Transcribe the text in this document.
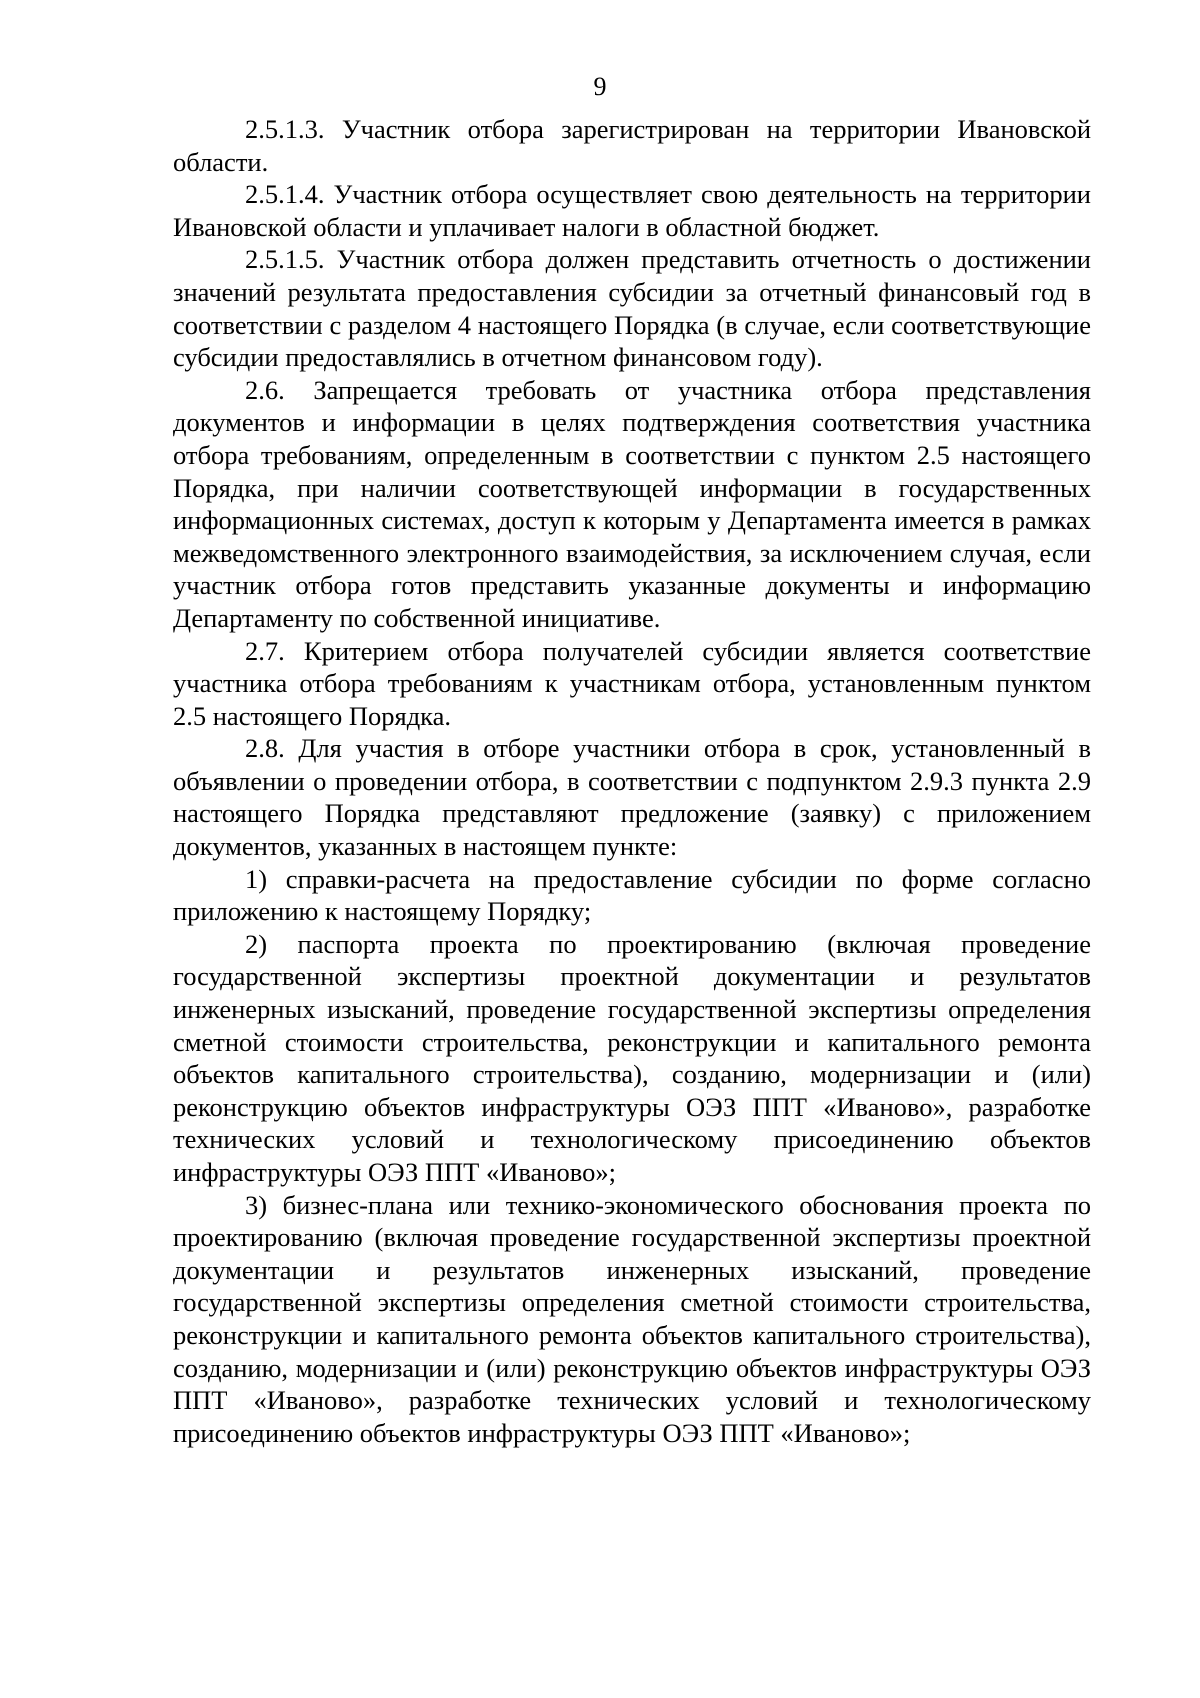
9

2.5.1.3. Участник отбора зарегистрирован на территории Ивановской области.

2.5.1.4. Участник отбора осуществляет свою деятельность на территории Ивановской области и уплачивает налоги в областной бюджет.

2.5.1.5. Участник отбора должен представить отчетность о достижении значений результата предоставления субсидии за отчетный финансовый год в соответствии с разделом 4 настоящего Порядка (в случае, если соответствующие субсидии предоставлялись в отчетном финансовом году).

2.6. Запрещается требовать от участника отбора представления документов и информации в целях подтверждения соответствия участника отбора требованиям, определенным в соответствии с пунктом 2.5 настоящего Порядка, при наличии соответствующей информации в государственных информационных системах, доступ к которым у Департамента имеется в рамках межведомственного электронного взаимодействия, за исключением случая, если участник отбора готов представить указанные документы и информацию Департаменту по собственной инициативе.

2.7. Критерием отбора получателей субсидии является соответствие участника отбора требованиям к участникам отбора, установленным пунктом 2.5 настоящего Порядка.

2.8. Для участия в отборе участники отбора в срок, установленный в объявлении о проведении отбора, в соответствии с подпунктом 2.9.3 пункта 2.9 настоящего Порядка представляют предложение (заявку) с приложением документов, указанных в настоящем пункте:

1) справки-расчета на предоставление субсидии по форме согласно приложению к настоящему Порядку;

2) паспорта проекта по проектированию (включая проведение государственной экспертизы проектной документации и результатов инженерных изысканий, проведение государственной экспертизы определения сметной стоимости строительства, реконструкции и капитального ремонта объектов капитального строительства), созданию, модернизации и (или) реконструкцию объектов инфраструктуры ОЭЗ ППТ «Иваново», разработке технических условий и технологическому присоединению объектов инфраструктуры ОЭЗ ППТ «Иваново»;

3) бизнес-плана или технико-экономического обоснования проекта по проектированию (включая проведение государственной экспертизы проектной документации и результатов инженерных изысканий, проведение государственной экспертизы определения сметной стоимости строительства, реконструкции и капитального ремонта объектов капитального строительства), созданию, модернизации и (или) реконструкцию объектов инфраструктуры ОЭЗ ППТ «Иваново», разработке технических условий и технологическому присоединению объектов инфраструктуры ОЭЗ ППТ «Иваново»;
